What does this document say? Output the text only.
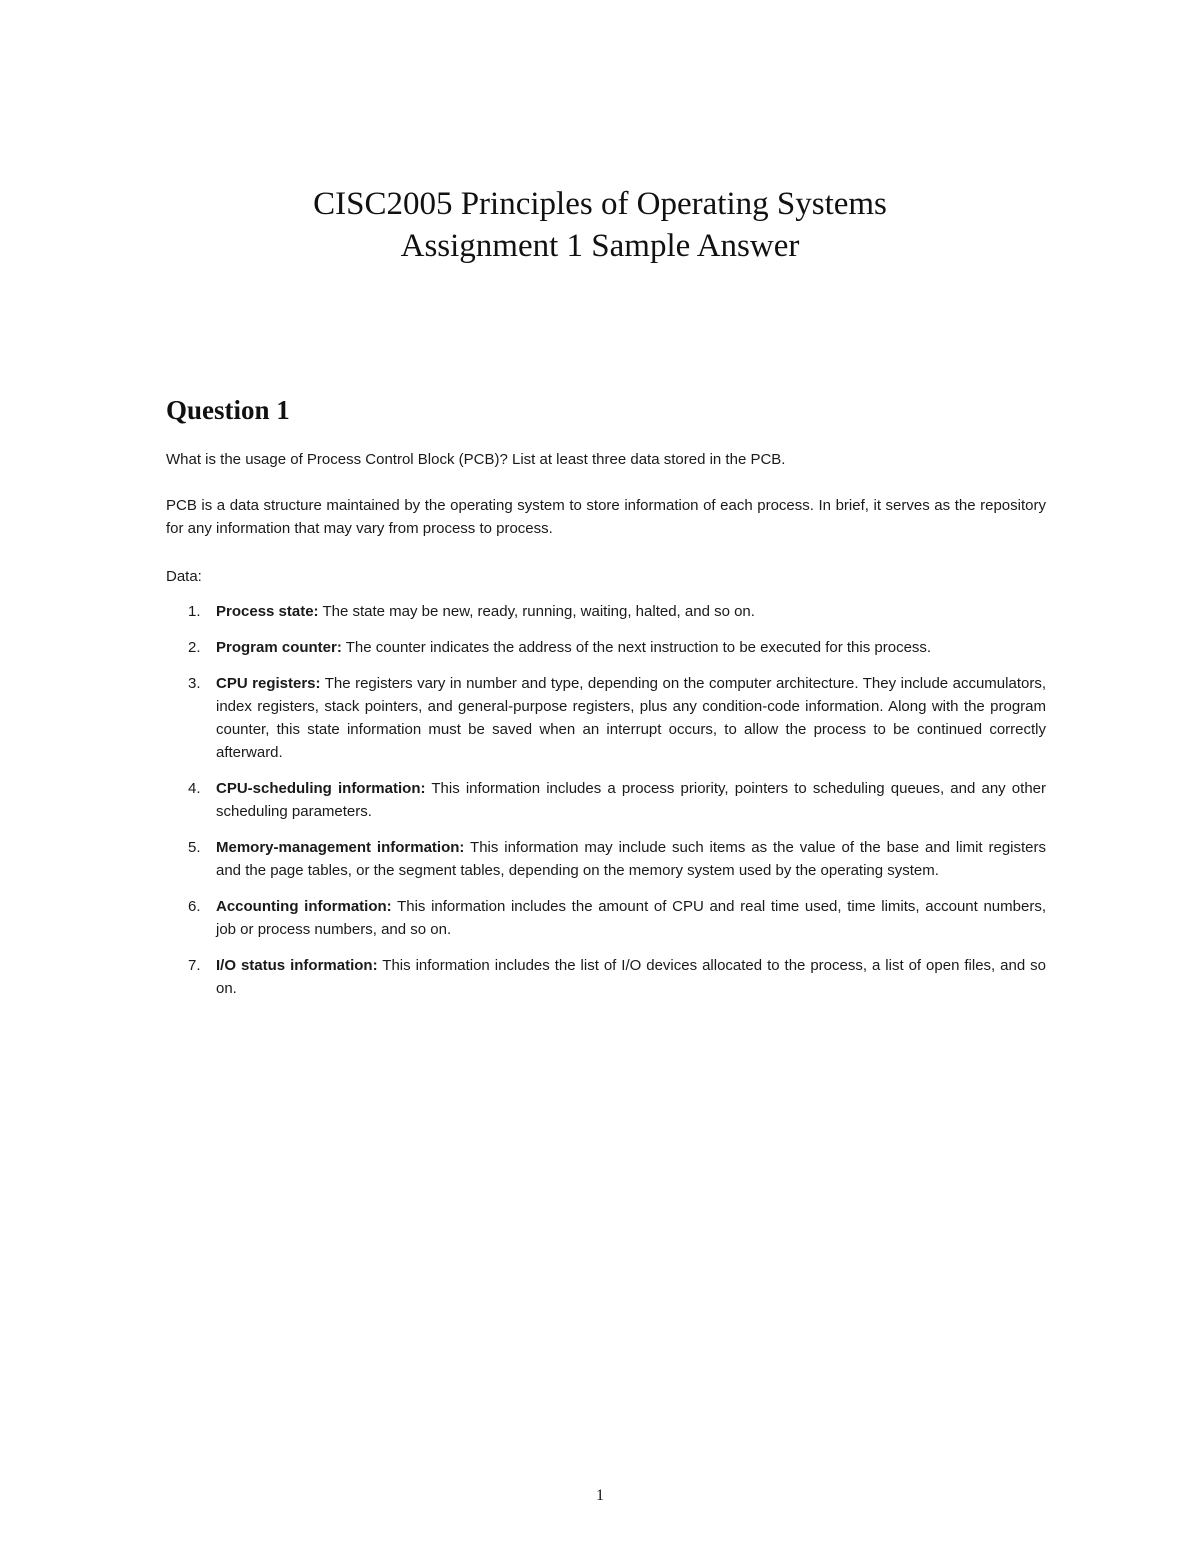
CISC2005 Principles of Operating Systems
Assignment 1 Sample Answer
Question 1

What is the usage of Process Control Block (PCB)? List at least three data stored in the PCB.

PCB is a data structure maintained by the operating system to store information of each process. In brief, it serves as the repository for any information that may vary from process to process.

Data:

1. Process state: The state may be new, ready, running, waiting, halted, and so on.
2. Program counter: The counter indicates the address of the next instruction to be executed for this process.
3. CPU registers: The registers vary in number and type, depending on the computer architecture. They include accumulators, index registers, stack pointers, and general-purpose registers, plus any condition-code information. Along with the program counter, this state information must be saved when an interrupt occurs, to allow the process to be continued correctly afterward.
4. CPU-scheduling information: This information includes a process priority, pointers to scheduling queues, and any other scheduling parameters.
5. Memory-management information: This information may include such items as the value of the base and limit registers and the page tables, or the segment tables, depending on the memory system used by the operating system.
6. Accounting information: This information includes the amount of CPU and real time used, time limits, account numbers, job or process numbers, and so on.
7. I/O status information: This information includes the list of I/O devices allocated to the process, a list of open files, and so on.
1
